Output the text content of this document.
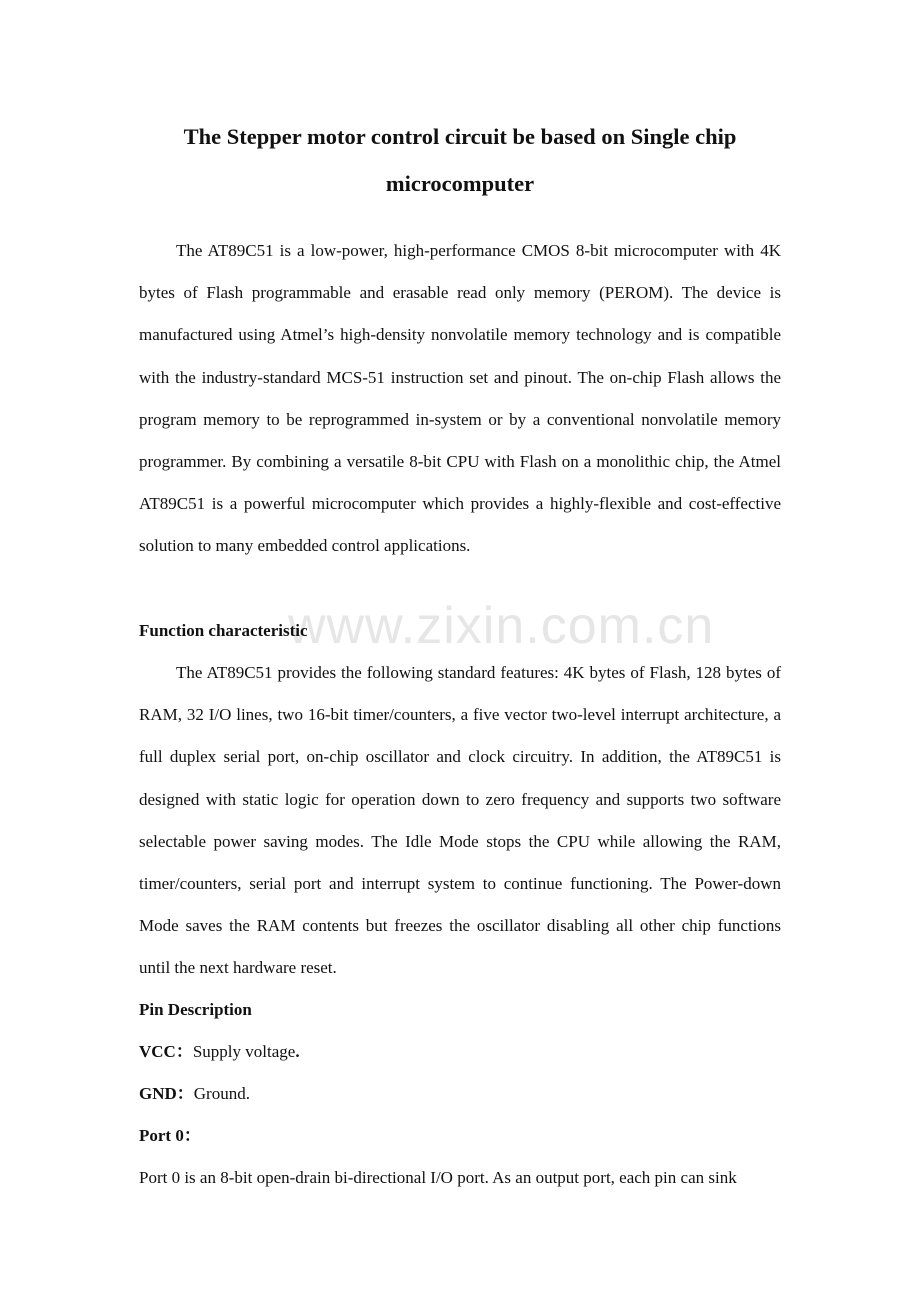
www.zixin.com.cn
The Stepper motor control circuit be based on Single chip
microcomputer

The AT89C51 is a low-power, high-performance CMOS 8-bit microcomputer with 4K bytes of Flash programmable and erasable read only memory (PEROM). The device is manufactured using Atmel’s high-density nonvolatile memory technology and is compatible with the industry-standard MCS-51 instruction set and pinout. The on-chip Flash allows the program memory to be reprogrammed in-system or by a conventional nonvolatile memory programmer. By combining a versatile 8-bit CPU with Flash on a monolithic chip, the Atmel AT89C51 is a powerful microcomputer which provides a highly-flexible and cost-effective solution to many embedded control applications.

Function characteristic

The AT89C51 provides the following standard features: 4K bytes of Flash, 128 bytes of RAM, 32 I/O lines, two 16-bit timer/counters, a five vector two-level interrupt architecture, a full duplex serial port, on-chip oscillator and clock circuitry. In addition, the AT89C51 is designed with static logic for operation down to zero frequency and supports two software selectable power saving modes. The Idle Mode stops the CPU while allowing the RAM, timer/counters, serial port and interrupt system to continue functioning. The Power-down Mode saves the RAM contents but freezes the oscillator disabling all other chip functions until the next hardware reset.

Pin Description
VCC：Supply voltage.
GND：Ground.
Port 0：

Port 0 is an 8-bit open-drain bi-directional I/O port. As an output port, each pin can sink
